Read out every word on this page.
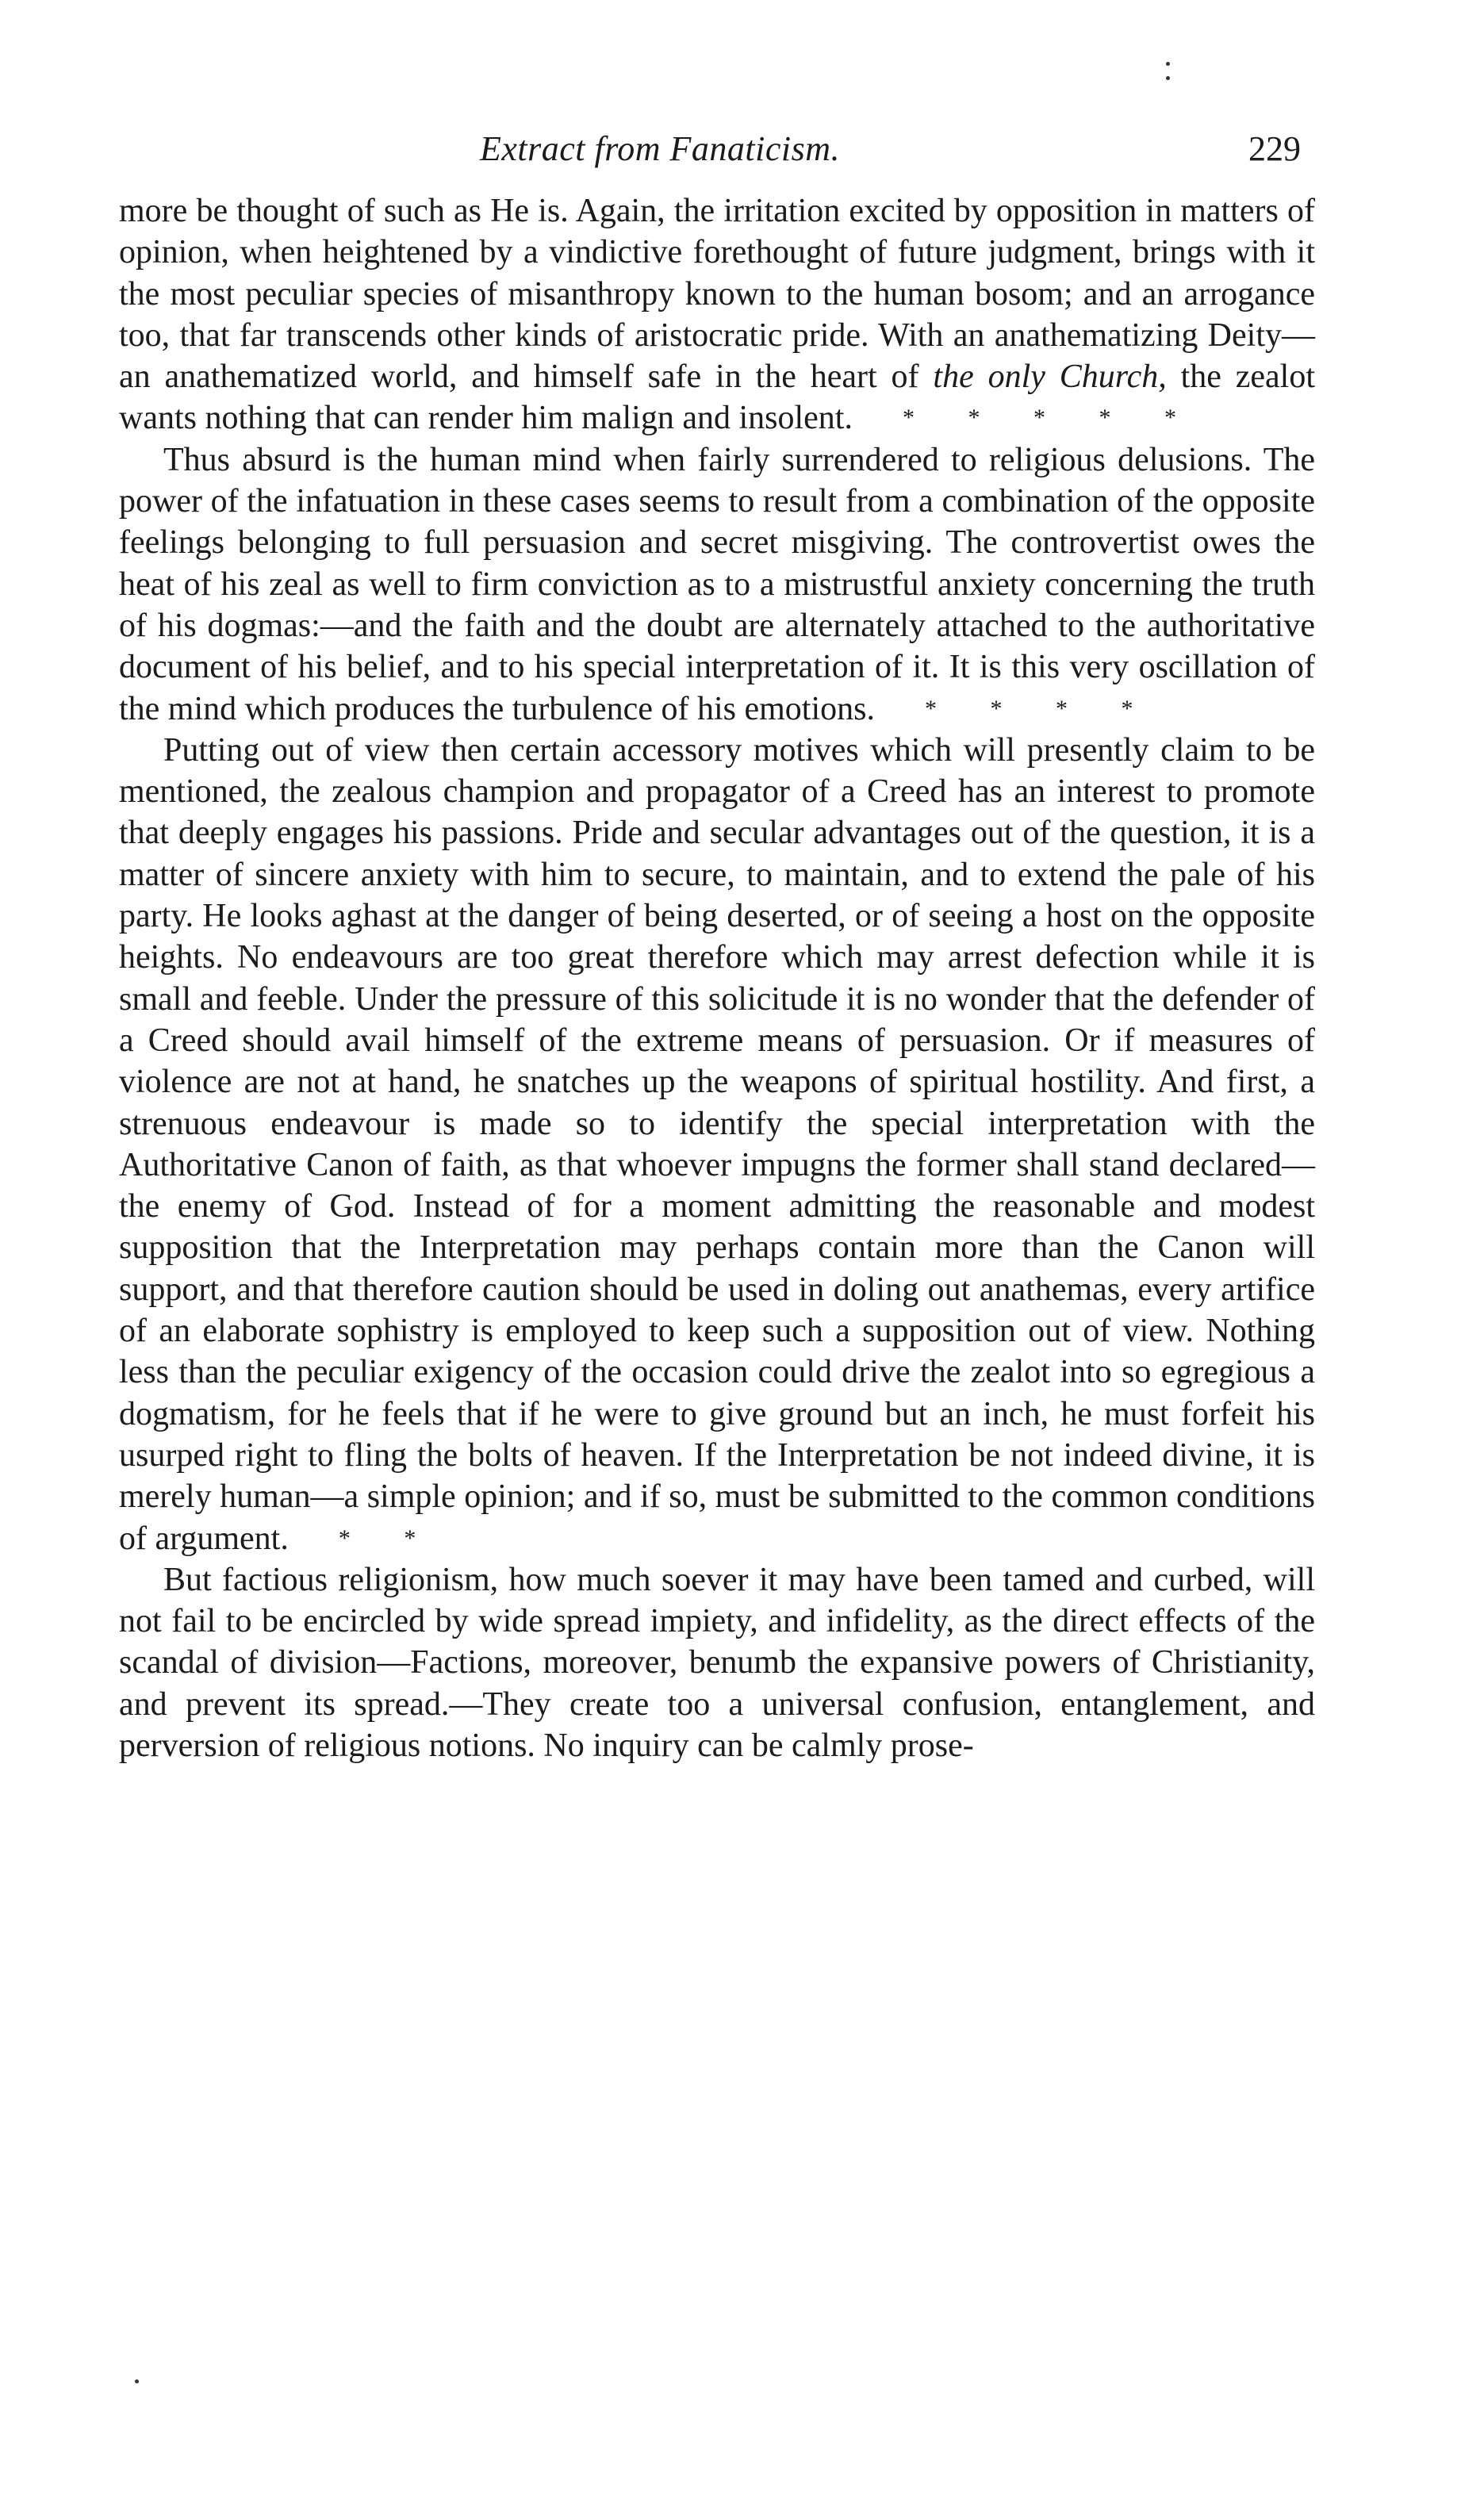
Extract from Fanaticism.	229

more be thought of such as He is. Again, the irritation excited by opposition in matters of opinion, when heightened by a vindictive forethought of future judgment, brings with it the most peculiar species of misanthropy known to the human bosom; and an arrogance too, that far transcends other kinds of aristocratic pride. With an anathematizing Deity—an anathematized world, and himself safe in the heart of the only Church, the zealot wants nothing that can render him malign and insolent. * * * * *

Thus absurd is the human mind when fairly surrendered to religious delusions. The power of the infatuation in these cases seems to result from a combination of the opposite feelings belonging to full persuasion and secret misgiving. The controvertist owes the heat of his zeal as well to firm conviction as to a mistrustful anxiety concerning the truth of his dogmas:—and the faith and the doubt are alternately attached to the authoritative document of his belief, and to his special interpretation of it. It is this very oscillation of the mind which produces the turbulence of his emotions. * * * *

Putting out of view then certain accessory motives which will presently claim to be mentioned, the zealous champion and propagator of a Creed has an interest to promote that deeply engages his passions. Pride and secular advantages out of the question, it is a matter of sincere anxiety with him to secure, to maintain, and to extend the pale of his party. He looks aghast at the danger of being deserted, or of seeing a host on the opposite heights. No endeavours are too great therefore which may arrest defection while it is small and feeble. Under the pressure of this solicitude it is no wonder that the defender of a Creed should avail himself of the extreme means of persuasion. Or if measures of violence are not at hand, he snatches up the weapons of spiritual hostility. And first, a strenuous endeavour is made so to identify the special interpretation with the Authoritative Canon of faith, as that whoever impugns the former shall stand declared—the enemy of God. Instead of for a moment admitting the reasonable and modest supposition that the Interpretation may perhaps contain more than the Canon will support, and that therefore caution should be used in doling out anathemas, every artifice of an elaborate sophistry is employed to keep such a supposition out of view. Nothing less than the peculiar exigency of the occasion could drive the zealot into so egregious a dogmatism, for he feels that if he were to give ground but an inch, he must forfeit his usurped right to fling the bolts of heaven. If the Interpretation be not indeed divine, it is merely human—a simple opinion; and if so, must be submitted to the common conditions of argument. * *

But factious religionism, how much soever it may have been tamed and curbed, will not fail to be encircled by wide spread impiety, and infidelity, as the direct effects of the scandal of division—Factions, moreover, benumb the expansive powers of Christianity, and prevent its spread.—They create too a universal confusion, entanglement, and perversion of religious notions. No inquiry can be calmly prose-
